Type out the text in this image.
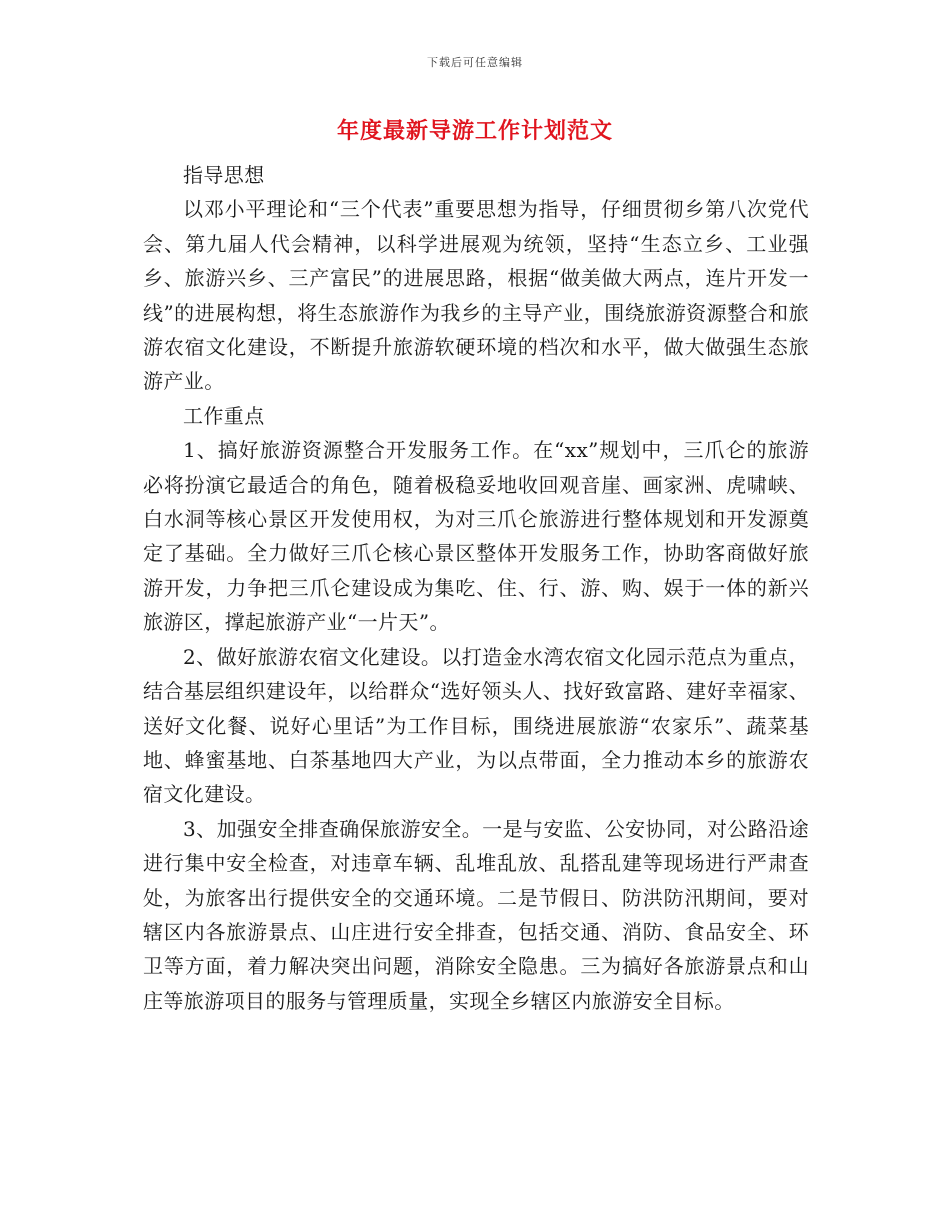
下载后可任意编辑
年度最新导游工作计划范文

指导思想

以邓小平理论和“三个代表”重要思想为指导，仔细贯彻乡第八次党代会、第九届人代会精神，以科学进展观为统领，坚持“生态立乡、工业强乡、旅游兴乡、三产富民”的进展思路，根据“做美做大两点，连片开发一线”的进展构想，将生态旅游作为我乡的主导产业，围绕旅游资源整合和旅游农宿文化建设，不断提升旅游软硬环境的档次和水平，做大做强生态旅游产业。

工作重点

1、搞好旅游资源整合开发服务工作。在“xx”规划中，三爪仑的旅游必将扮演它最适合的角色，随着极稳妥地收回观音崖、画家洲、虎啸峡、白水洞等核心景区开发使用权，为对三爪仑旅游进行整体规划和开发源奠定了基础。全力做好三爪仑核心景区整体开发服务工作，协助客商做好旅游开发，力争把三爪仑建设成为集吃、住、行、游、购、娱于一体的新兴旅游区，撑起旅游产业“一片天”。

2、做好旅游农宿文化建设。以打造金水湾农宿文化园示范点为重点，结合基层组织建设年，以给群众“选好领头人、找好致富路、建好幸福家、送好文化餐、说好心里话”为工作目标，围绕进展旅游“农家乐”、蔬菜基地、蜂蜜基地、白茶基地四大产业，为以点带面，全力推动本乡的旅游农宿文化建设。

3、加强安全排查确保旅游安全。一是与安监、公安协同，对公路沿途进行集中安全检查，对违章车辆、乱堆乱放、乱搭乱建等现场进行严肃查处，为旅客出行提供安全的交通环境。二是节假日、防洪防汛期间，要对辖区内各旅游景点、山庄进行安全排查，包括交通、消防、食品安全、环卫等方面，着力解决突出问题，消除安全隐患。三为搞好各旅游景点和山庄等旅游项目的服务与管理质量，实现全乡辖区内旅游安全目标。
